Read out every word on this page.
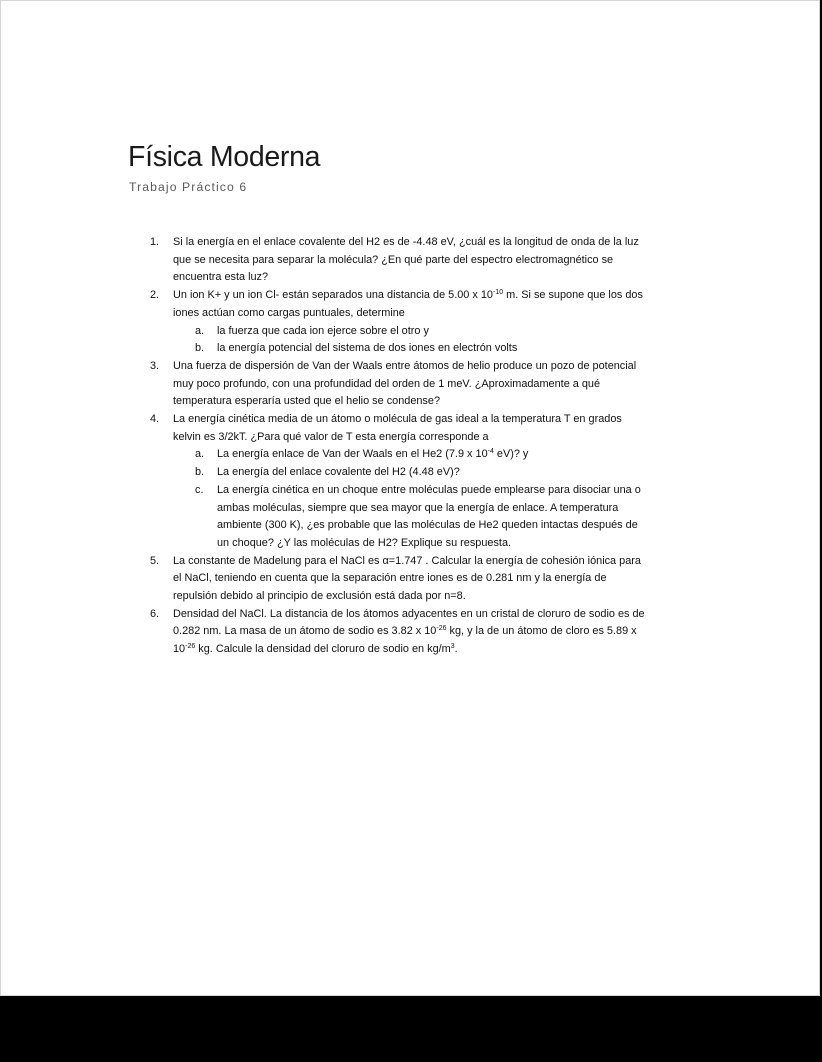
Física Moderna
Trabajo Práctico 6
1. Si la energía en el enlace covalente del H2 es de -4.48 eV, ¿cuál es la longitud de onda de la luz
que se necesita para separar la molécula? ¿En qué parte del espectro electromagnético se
encuentra esta luz?
2. Un ion K+ y un ion Cl- están separados una distancia de 5.00 x $10^{-10}$ m. Si se supone que los dos
iones actúan como cargas puntuales, determine
a. la fuerza que cada ion ejerce sobre el otro y
b. la energía potencial del sistema de dos iones en electrón volts
3. Una fuerza de dispersión de Van der Waals entre átomos de helio produce un pozo de potencial
muy poco profundo, con una profundidad del orden de 1 meV. ¿Aproximadamente a qué
temperatura esperaría usted que el helio se condense?
4. La energía cinética media de un átomo o molécula de gas ideal a la temperatura T en grados
kelvin es 3/2kT. ¿Para qué valor de T esta energía corresponde a
a. La energía enlace de Van der Waals en el He2 (7.9 x $10^{-4}$ eV)? y
b. La energía del enlace covalente del H2 (4.48 eV)?
c. La energía cinética en un choque entre moléculas puede emplearse para disociar una o
ambas moléculas, siempre que sea mayor que la energía de enlace. A temperatura
ambiente (300 K), ¿es probable que las moléculas de He2 queden intactas después de
un choque? ¿Y las moléculas de H2? Explique su respuesta.
5. La constante de Madelung para el NaCl es α=1.747 . Calcular la energía de cohesión iónica para
el NaCl, teniendo en cuenta que la separación entre iones es de 0.281 nm y la energía de
repulsión debido al principio de exclusión está dada por n=8.
6. Densidad del NaCl. La distancia de los átomos adyacentes en un cristal de cloruro de sodio es de
0.282 nm. La masa de un átomo de sodio es 3.82 x $10^{-26}$ kg, y la de un átomo de cloro es 5.89 x
$10^{-26}$ kg. Calcule la densidad del cloruro de sodio en $kg/m^3$.
